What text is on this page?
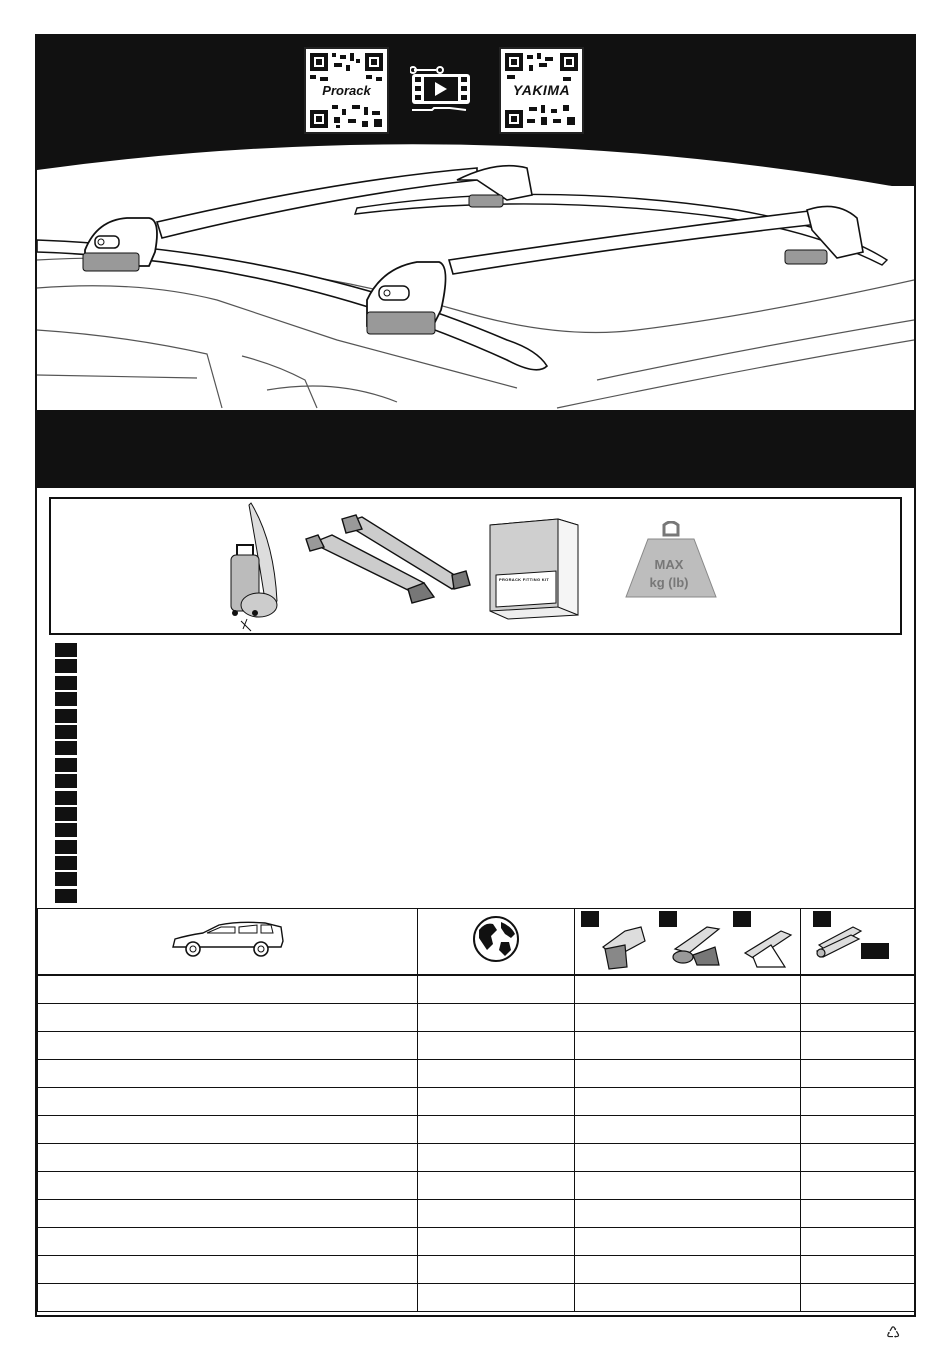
Prorack	YAKIMA
PRORACK FITTING KIT
MAX
kg (lb)

♺
